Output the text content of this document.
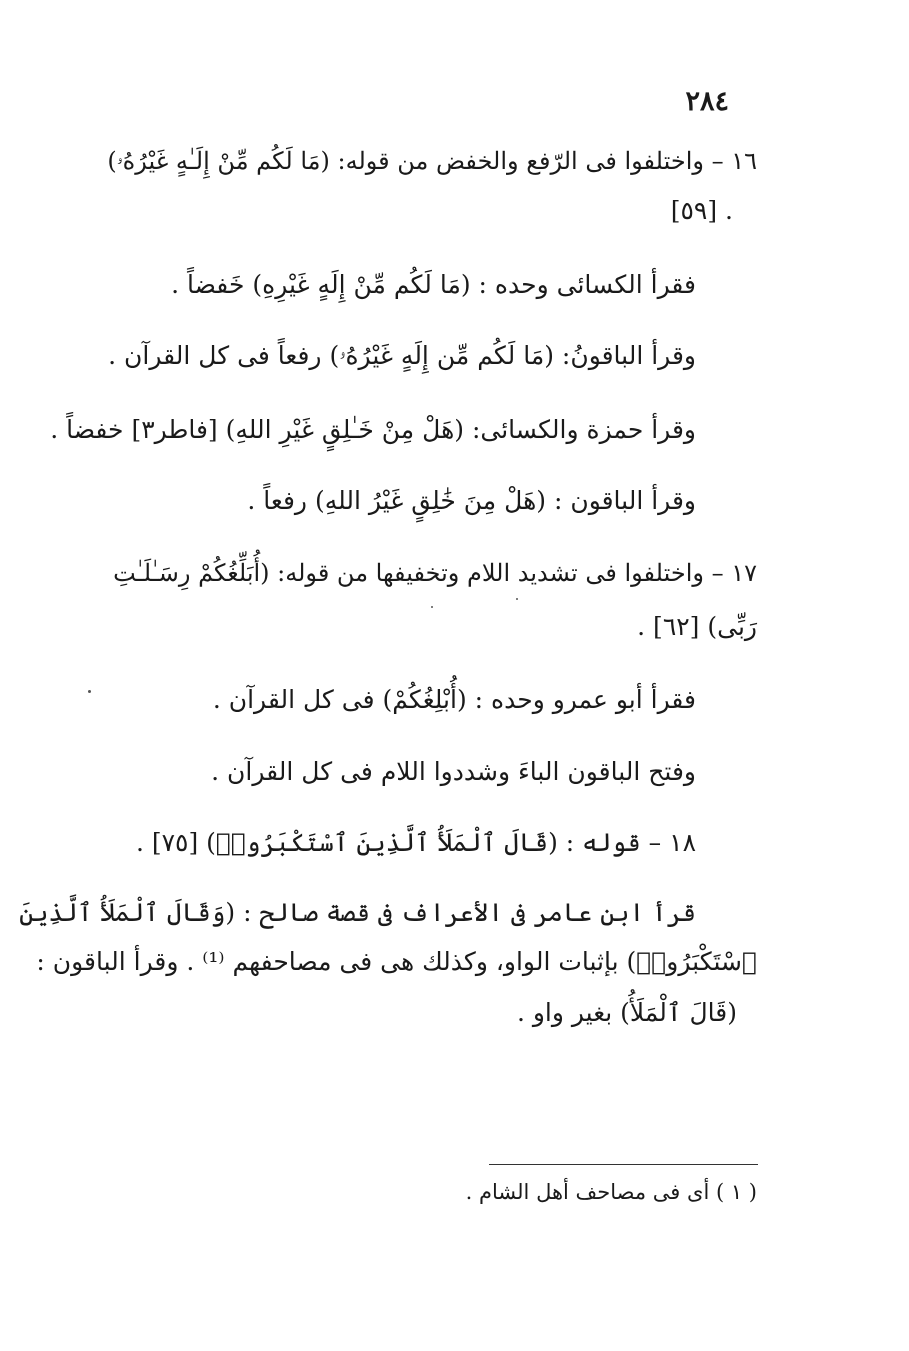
٢٨٤
١٦ – واختلفوا فى الرّفع والخفض من قوله: (مَا لَكُم مِّنْ إِلَـٰهٍ غَيْرُهُۥ)
. [٥٩]
فقرأ الكسائى وحده : (مَا لَكُم مِّنْ إِلَهٍ غَيْرِهِ) خَفضاً .
وقرأ الباقونُ: (مَا لَكُم مِّن إِلَهٍ غَيْرُهُۥ) رفعاً فى كل القرآن .
وقرأ حمزة والكسائى: (هَلْ مِنْ خَـٰلِقٍ غَيْرِ اللهِ) [فاطر٣] خفضاً .
وقرأ الباقون : (هَلْ مِنَ خَٰلِقٍ غَيْرُ اللهِ) رفعاً .
١٧ – واختلفوا فى تشديد اللام وتخفيفها من قوله: (أُبَلِّغُكُمْ رِسَـٰلَـٰتِ
رَبِّى) [٦٢] .
فقرأ أبو عمرو وحده : (أُبْلِغُكُمْ) فى كل القرآن .
وفتح الباقون الباءَ وشددوا اللام فى كل القرآن .
١٨ – قوله : (قَالَ ٱلْمَلَأُ ٱلَّذِينَ ٱسْتَكْبَرُوا۟) [٧٥] .
قرأ ابن عامر فى الأعراف فى قصة صالح : (وَقَالَ ٱلْمَلَأُ ٱلَّذِينَ
ٱسْتَكْبَرُوا۟) بإثبات الواو، وكذلك هى فى مصاحفهم ⁽¹⁾ . وقرأ الباقون :
(قَالَ ٱلْمَلَأُ) بغير واو .
( ١ ) أى فى مصاحف أهل الشام .
